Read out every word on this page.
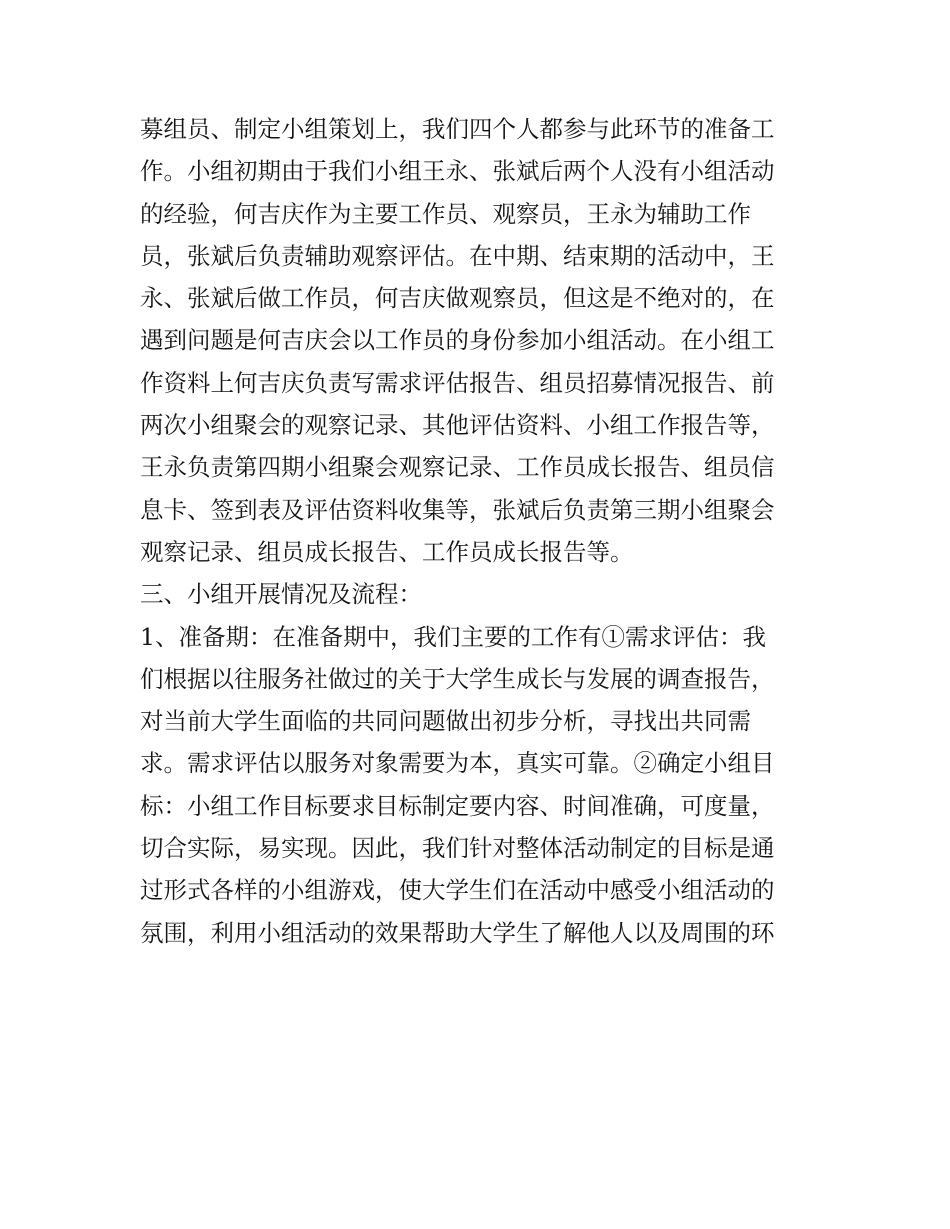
募组员、制定小组策划上，我们四个人都参与此环节的准备工
作。小组初期由于我们小组王永、张斌后两个人没有小组活动
的经验，何吉庆作为主要工作员、观察员，王永为辅助工作
员，张斌后负责辅助观察评估。在中期、结束期的活动中，王
永、张斌后做工作员，何吉庆做观察员，但这是不绝对的，在
遇到问题是何吉庆会以工作员的身份参加小组活动。在小组工
作资料上何吉庆负责写需求评估报告、组员招募情况报告、前
两次小组聚会的观察记录、其他评估资料、小组工作报告等，
王永负责第四期小组聚会观察记录、工作员成长报告、组员信
息卡、签到表及评估资料收集等，张斌后负责第三期小组聚会
观察记录、组员成长报告、工作员成长报告等。
三、小组开展情况及流程：
1、准备期：在准备期中，我们主要的工作有①需求评估：我
们根据以往服务社做过的关于大学生成长与发展的调查报告，
对当前大学生面临的共同问题做出初步分析，寻找出共同需
求。需求评估以服务对象需要为本，真实可靠。②确定小组目
标：小组工作目标要求目标制定要内容、时间准确，可度量，
切合实际，易实现。因此，我们针对整体活动制定的目标是通
过形式各样的小组游戏，使大学生们在活动中感受小组活动的
氛围，利用小组活动的效果帮助大学生了解他人以及周围的环
